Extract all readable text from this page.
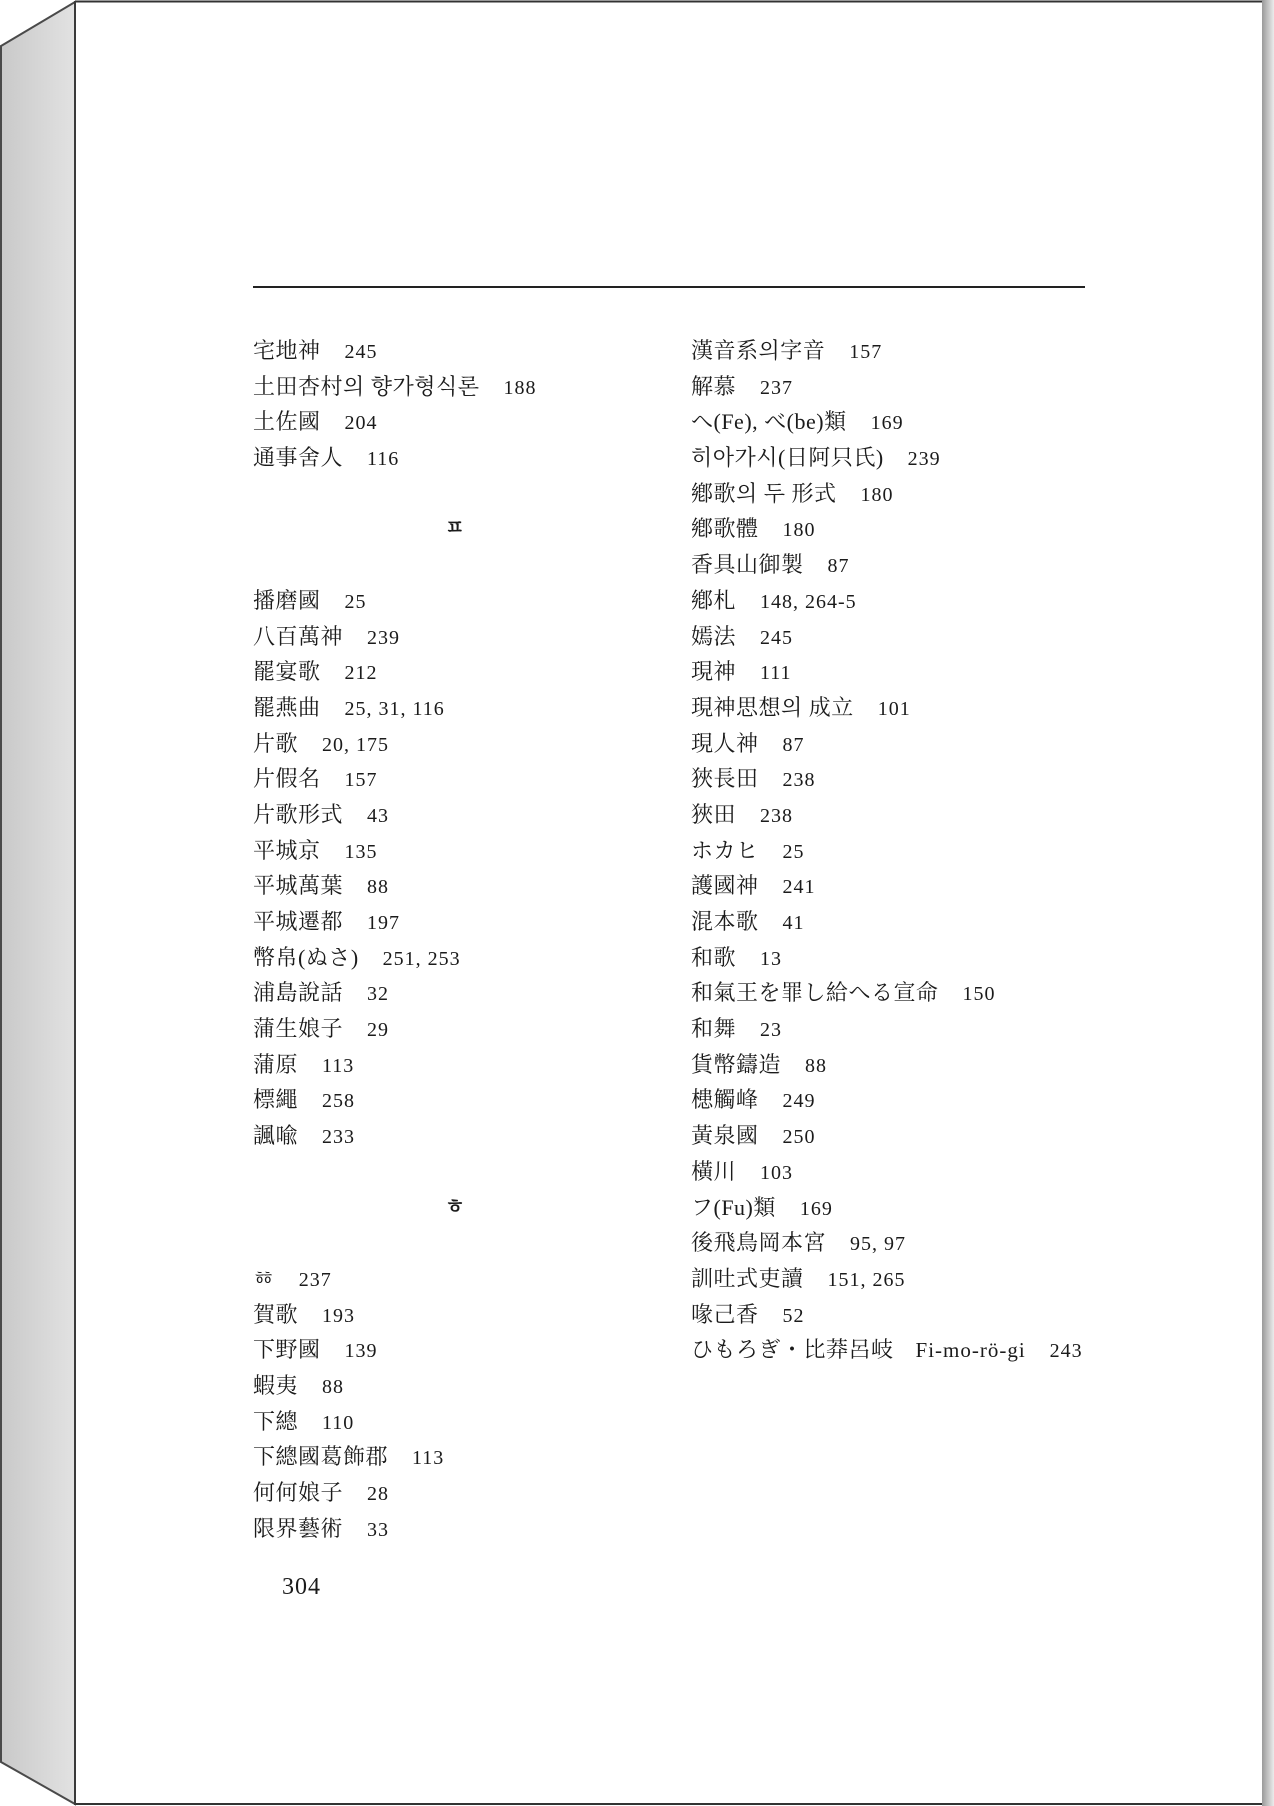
宅地神 245
土田杏村의 향가형식론 188
土佐國 204
通事舍人 116
ㅍ
播磨國 25
八百萬神 239
罷宴歌 212
罷燕曲 25, 31, 116
片歌 20, 175
片假名 157
片歌形式 43
平城京 135
平城萬葉 88
平城遷都 197
幣帛(ぬさ) 251, 253
浦島說話 32
蒲生娘子 29
蒲原 113
標繩 258
諷喩 233
ㅎ
ㆅ 237
賀歌 193
下野國 139
蝦夷 88
下總 110
下總國葛飾郡 113
何何娘子 28
限界藝術 33
漢音系의字音 157
解慕 237
へ(Fe), べ(be)類 169
히아가시(日阿只氏) 239
鄕歌의 두 形式 180
鄕歌體 180
香具山御製 87
鄕札 148, 264-5
嫣法 245
現神 111
現神思想의 成立 101
現人神 87
狹長田 238
狹田 238
ホカヒ 25
護國神 241
混本歌 41
和歌 13
和氣王を罪し給へる宣命 150
和舞 23
貨幣鑄造 88
槵觸峰 249
黃泉國 250
橫川 103
フ(Fu)類 169
後飛鳥岡本宮 95, 97
訓吐式吏讀 151, 265
喙己香 52
ひもろぎ・比莽呂岐 Fi-mo-rö-gi 243
304
